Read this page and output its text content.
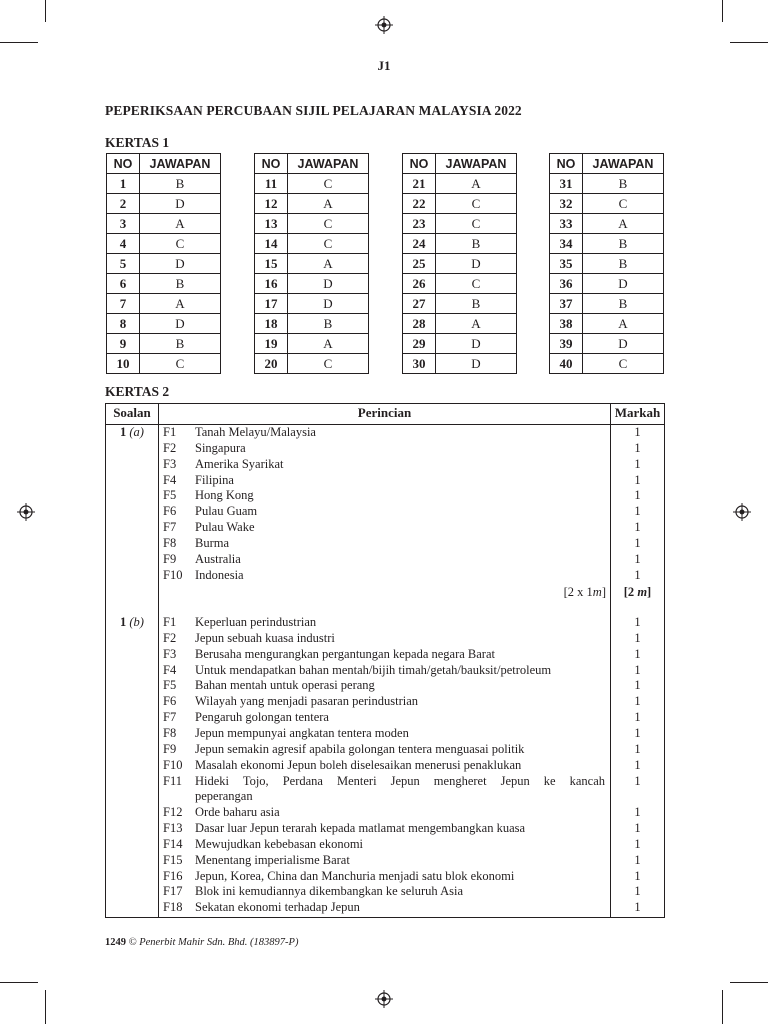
J1
PEPERIKSAAN PERCUBAAN SIJIL PELAJARAN MALAYSIA 2022
KERTAS 1
NO	JAWAPAN
1	B
2	D
3	A
4	C
5	D
6	B
7	A
8	D
9	B
10	C
NO	JAWAPAN
11	C
12	A
13	C
14	C
15	A
16	D
17	D
18	B
19	A
20	C
NO	JAWAPAN
21	A
22	C
23	C
24	B
25	D
26	C
27	B
28	A
29	D
30	D
NO	JAWAPAN
31	B
32	C
33	A
34	B
35	B
36	D
37	B
38	A
39	D
40	C
KERTAS 2
Soalan	Perincian	Markah
1 (a)	F1	Tanah Melayu/Malaysia	1
F2	Singapura	1
F3	Amerika Syarikat	1
F4	Filipina	1
F5	Hong Kong	1
F6	Pulau Guam	1
F7	Pulau Wake	1
F8	Burma	1
F9	Australia	1
F10	Indonesia	1
[2 x 1m]	[2 m]
1 (b)	F1	Keperluan perindustrian	1
F2	Jepun sebuah kuasa industri	1
F3	Berusaha mengurangkan pergantungan kepada negara Barat	1
F4	Untuk mendapatkan bahan mentah/bijih timah/getah/bauksit/petroleum	1
F5	Bahan mentah untuk operasi perang	1
F6	Wilayah yang menjadi pasaran perindustrian	1
F7	Pengaruh golongan tentera	1
F8	Jepun mempunyai angkatan tentera moden	1
F9	Jepun semakin agresif apabila golongan tentera menguasai politik	1
F10	Masalah ekonomi Jepun boleh diselesaikan menerusi penaklukan	1
F11	Hideki Tojo, Perdana Menteri Jepun mengheret Jepun ke kancah	1
peperangan
F12	Orde baharu asia	1
F13	Dasar luar Jepun terarah kepada matlamat mengembangkan kuasa	1
F14	Mewujudkan kebebasan ekonomi	1
F15	Menentang imperialisme Barat	1
F16	Jepun, Korea, China dan Manchuria menjadi satu blok ekonomi	1
F17	Blok ini kemudiannya dikembangkan ke seluruh Asia	1
F18	Sekatan ekonomi terhadap Jepun	1
1249 © Penerbit Mahir Sdn. Bhd. (183897-P)
